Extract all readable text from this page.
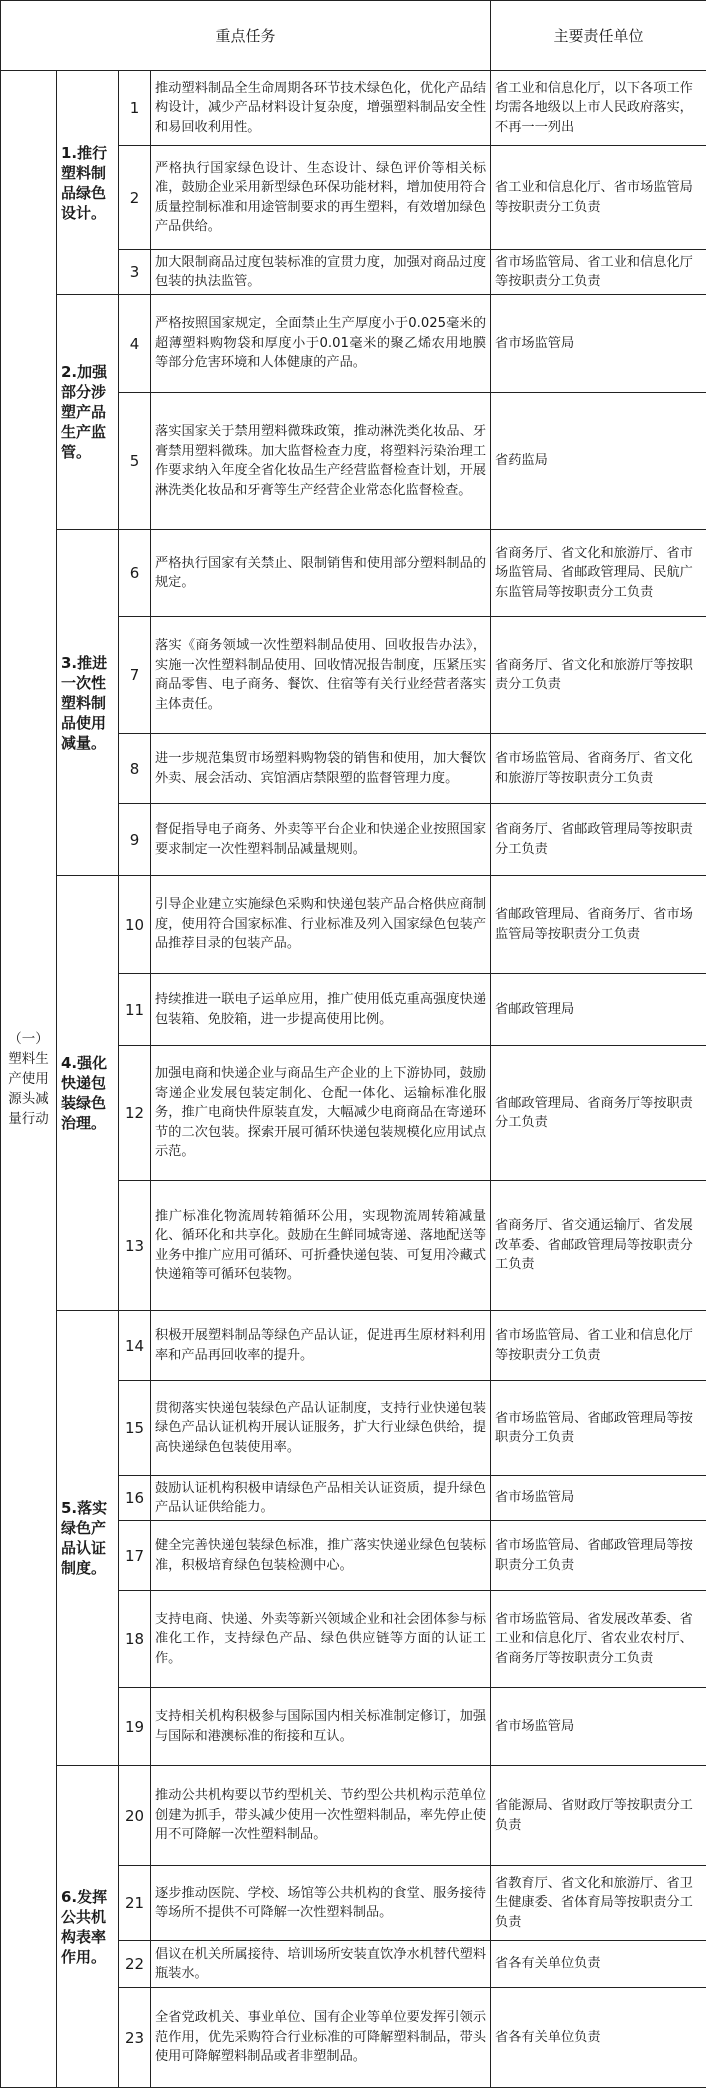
重点任务				主要责任单位
（一）塑料生产使用源头减量行动	1.推行塑料制品绿色设计。	1	推动塑料制品全生命周期各环节技术绿色化，优化产品结构设计，减少产品材料设计复杂度，增强塑料制品安全性和易回收利用性。	省工业和信息化厅，以下各项工作均需各地级以上市人民政府落实，不再一一列出
		2	严格执行国家绿色设计、生态设计、绿色评价等相关标准，鼓励企业采用新型绿色环保功能材料，增加使用符合质量控制标准和用途管制要求的再生塑料，有效增加绿色产品供给。	省工业和信息化厅、省市场监管局等按职责分工负责
		3	加大限制商品过度包装标准的宣贯力度，加强对商品过度包装的执法监管。	省市场监管局、省工业和信息化厅等按职责分工负责
	2.加强部分涉塑产品生产监管。	4	严格按照国家规定，全面禁止生产厚度小于0.025毫米的超薄塑料购物袋和厚度小于0.01毫米的聚乙烯农用地膜等部分危害环境和人体健康的产品。	省市场监管局
		5	落实国家关于禁用塑料微珠政策，推动淋洗类化妆品、牙膏禁用塑料微珠。加大监督检查力度，将塑料污染治理工作要求纳入年度全省化妆品生产经营监督检查计划，开展淋洗类化妆品和牙膏等生产经营企业常态化监督检查。	省药监局
	3.推进一次性塑料制品使用减量。	6	严格执行国家有关禁止、限制销售和使用部分塑料制品的规定。	省商务厅、省文化和旅游厅、省市场监管局、省邮政管理局、民航广东监管局等按职责分工负责
		7	落实《商务领域一次性塑料制品使用、回收报告办法》，实施一次性塑料制品使用、回收情况报告制度，压紧压实商品零售、电子商务、餐饮、住宿等有关行业经营者落实主体责任。	省商务厅、省文化和旅游厅等按职责分工负责
		8	进一步规范集贸市场塑料购物袋的销售和使用，加大餐饮外卖、展会活动、宾馆酒店禁限塑的监督管理力度。	省市场监管局、省商务厅、省文化和旅游厅等按职责分工负责
		9	督促指导电子商务、外卖等平台企业和快递企业按照国家要求制定一次性塑料制品减量规则。	省商务厅、省邮政管理局等按职责分工负责
	4.强化快递包装绿色治理。	10	引导企业建立实施绿色采购和快递包装产品合格供应商制度，使用符合国家标准、行业标准及列入国家绿色包装产品推荐目录的包装产品。	省邮政管理局、省商务厅、省市场监管局等按职责分工负责
		11	持续推进一联电子运单应用，推广使用低克重高强度快递包装箱、免胶箱，进一步提高使用比例。	省邮政管理局
		12	加强电商和快递企业与商品生产企业的上下游协同，鼓励寄递企业发展包装定制化、仓配一体化、运输标准化服务，推广电商快件原装直发，大幅减少电商商品在寄递环节的二次包装。探索开展可循环快递包装规模化应用试点示范。	省邮政管理局、省商务厅等按职责分工负责
		13	推广标准化物流周转箱循环公用，实现物流周转箱减量化、循环化和共享化。鼓励在生鲜同城寄递、落地配送等业务中推广应用可循环、可折叠快递包装、可复用冷藏式快递箱等可循环包装物。	省商务厅、省交通运输厅、省发展改革委、省邮政管理局等按职责分工负责
	5.落实绿色产品认证制度。	14	积极开展塑料制品等绿色产品认证，促进再生原材料利用率和产品再回收率的提升。	省市场监管局、省工业和信息化厅等按职责分工负责
		15	贯彻落实快递包装绿色产品认证制度，支持行业快递包装绿色产品认证机构开展认证服务，扩大行业绿色供给，提高快递绿色包装使用率。	省市场监管局、省邮政管理局等按职责分工负责
		16	鼓励认证机构积极申请绿色产品相关认证资质，提升绿色产品认证供给能力。	省市场监管局
		17	健全完善快递包装绿色标准，推广落实快递业绿色包装标准，积极培育绿色包装检测中心。	省市场监管局、省邮政管理局等按职责分工负责
		18	支持电商、快递、外卖等新兴领域企业和社会团体参与标准化工作，支持绿色产品、绿色供应链等方面的认证工作。	省市场监管局、省发展改革委、省工业和信息化厅、省农业农村厅、省商务厅等按职责分工负责
		19	支持相关机构积极参与国际国内相关标准制定修订，加强与国际和港澳标准的衔接和互认。	省市场监管局
	6.发挥公共机构表率作用。	20	推动公共机构要以节约型机关、节约型公共机构示范单位创建为抓手，带头减少使用一次性塑料制品，率先停止使用不可降解一次性塑料制品。	省能源局、省财政厅等按职责分工负责
		21	逐步推动医院、学校、场馆等公共机构的食堂、服务接待等场所不提供不可降解一次性塑料制品。	省教育厅、省文化和旅游厅、省卫生健康委、省体育局等按职责分工负责
		22	倡议在机关所属接待、培训场所安装直饮净水机替代塑料瓶装水。	省各有关单位负责
		23	全省党政机关、事业单位、国有企业等单位要发挥引领示范作用，优先采购符合行业标准的可降解塑料制品，带头使用可降解塑料制品或者非塑制品。	省各有关单位负责
